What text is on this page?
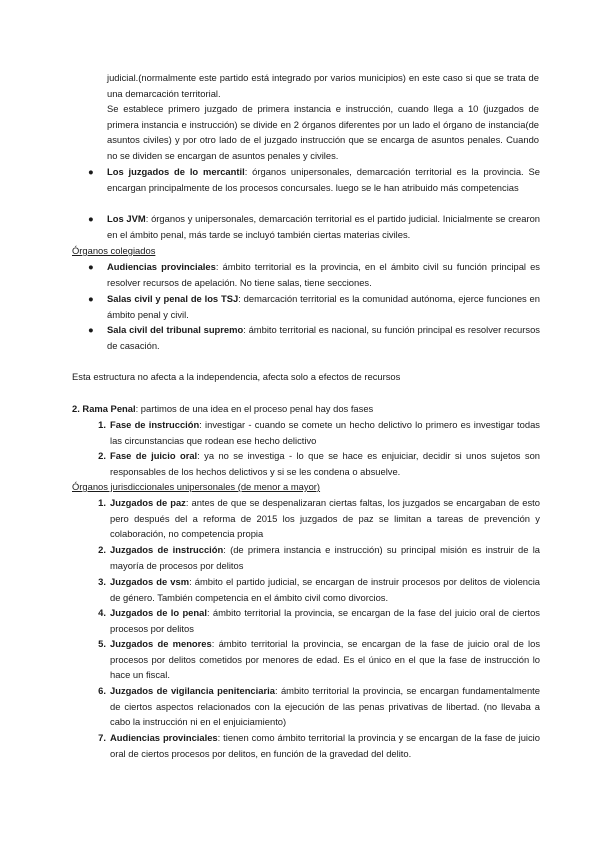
judicial.(normalmente este partido está integrado por varios municipios) en este caso si que se trata de una demarcación territorial.

Se establece primero juzgado de primera instancia e instrucción, cuando llega a 10 (juzgados de primera instancia e instrucción) se divide en 2 órganos diferentes por un lado el órgano de instancia(de asuntos civiles) y por otro lado de el juzgado instrucción que se encarga de asuntos penales. Cuando no se dividen se encargan de asuntos penales y civiles.

●	Los juzgados de lo mercantil: órganos unipersonales, demarcación territorial es la provincia. Se encargan principalmente de los procesos concursales. luego se le han atribuido más competencias

●	Los JVM: órganos y unipersonales, demarcación territorial es el partido judicial. Inicialmente se crearon en el ámbito penal, más tarde se incluyó también ciertas materias civiles.

Órganos colegiados
●	Audiencias provinciales: ámbito territorial es la provincia, en el ámbito civil su función principal es resolver recursos de apelación. No tiene salas, tiene secciones.

●	Salas civil y penal de los TSJ: demarcación territorial es la comunidad autónoma, ejerce funciones en ámbito penal y civil.

●	Sala civil del tribunal supremo: ámbito territorial es nacional, su función principal es resolver recursos de casación.

Esta estructura no afecta a la independencia, afecta solo a efectos de recursos
2. Rama Penal: partimos de una idea en el proceso penal hay dos fases
1. Fase de instrucción: investigar - cuando se comete un hecho delictivo lo primero es investigar todas las circunstancias que rodean ese hecho delictivo

2. Fase de juicio oral: ya no se investiga - lo que se hace es enjuiciar, decidir si unos sujetos son responsables de los hechos delictivos y si se les condena o absuelve.

Órganos jurisdiccionales unipersonales (de menor a mayor)
1. Juzgados de paz: antes de que se despenalizaran ciertas faltas, los juzgados se encargaban de esto pero después del a reforma de 2015 los juzgados de paz se limitan a tareas de prevención y colaboración, no competencia propia

2. Juzgados de instrucción: (de primera instancia e instrucción) su principal misión es instruir de la mayoría de procesos por delitos

3. Juzgados de vsm: ámbito el partido judicial, se encargan de instruir procesos por delitos de violencia de género. También competencia en el ámbito civil como divorcios.

4. Juzgados de lo penal: ámbito territorial la provincia, se encargan de la fase del juicio oral de ciertos procesos por delitos

5. Juzgados de menores: ámbito territorial la provincia, se encargan de la fase de juicio oral de los procesos por delitos cometidos por menores de edad. Es el único en el que la fase de instrucción lo hace un fiscal.

6. Juzgados de vigilancia penitenciaria: ámbito territorial la provincia, se encargan fundamentalmente de ciertos aspectos relacionados con la ejecución de las penas privativas de libertad. (no llevaba a cabo la instrucción ni en el enjuiciamiento)

7. Audiencias provinciales: tienen como ámbito territorial la provincia y se encargan de la fase de juicio oral de ciertos procesos por delitos, en función de la gravedad del delito.
